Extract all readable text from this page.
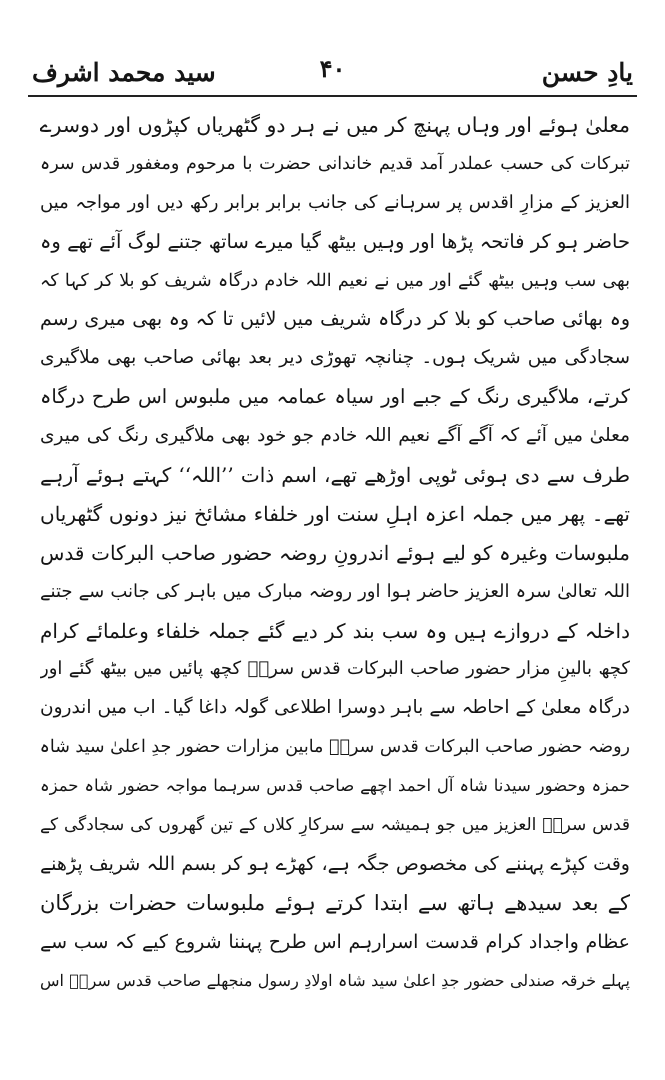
سید محمد اشرف	۴۰	یادِ حسن
معلیٰ ہوئے اور وہاں پہنچ کر میں نے ہر دو گٹھریاں کپڑوں اور دوسرے
تبرکات کی حسب عملدر آمد قدیم خاندانی حضرت با مرحوم ومغفور قدس سرہ
العزیز کے مزارِ اقدس پر سرہانے کی جانب برابر برابر رکھ دیں اور مواجہ میں
حاضر ہو کر فاتحہ پڑھا اور وہیں بیٹھ گیا میرے ساتھ جتنے لوگ آئے تھے وہ
بھی سب وہیں بیٹھ گئے اور میں نے نعیم اللہ خادم درگاہ شریف کو بلا کر کہا کہ
وہ بھائی صاحب کو بلا کر درگاہ شریف میں لائیں تا کہ وہ بھی میری رسم
سجادگی میں شریک ہوں۔ چنانچہ تھوڑی دیر بعد بھائی صاحب بھی ملاگیری
کرتے، ملاگیری رنگ کے جبے اور سیاہ عمامہ میں ملبوس اس طرح درگاہ
معلیٰ میں آئے کہ آگے آگے نعیم اللہ خادم جو خود بھی ملاگیری رنگ کی میری
طرف سے دی ہوئی ٹوپی اوڑھے تھے، اسم ذات ’’اللہ‘‘ کہتے ہوئے آرہے
تھے۔ پھر میں جملہ اعزہ اہلِ سنت اور خلفاء مشائخ نیز دونوں گٹھریاں
ملبوسات وغیرہ کو لیے ہوئے اندرونِ روضہ حضور صاحب البرکات قدس
اللہ تعالیٰ سرہ العزیز حاضر ہوا اور روضہ مبارک میں باہر کی جانب سے جتنے
داخلہ کے دروازے ہیں وہ سب بند کر دیے گئے جملہ خلفاء وعلمائے کرام
کچھ بالینِ مزار حضور صاحب البرکات قدس سرہٗ کچھ پائیں میں بیٹھ گئے اور
درگاہ معلیٰ کے احاطہ سے باہر دوسرا اطلاعی گولہ داغا گیا۔ اب میں اندرون
روضہ حضور صاحب البرکات قدس سرہٗ مابین مزارات حضور جدِ اعلیٰ سید شاہ
حمزہ وحضور سیدنا شاہ آل احمد اچھے صاحب قدس سرہما مواجہ حضور شاہ حمزہ
قدس سرہٗ العزیز میں جو ہمیشہ سے سرکارِ کلاں کے تین گھروں کی سجادگی کے
وقت کپڑے پہننے کی مخصوص جگہ ہے، کھڑے ہو کر بسم اللہ شریف پڑھنے
کے بعد سیدھے ہاتھ سے ابتدا کرتے ہوئے ملبوسات حضرات بزرگان
عظام واجداد کرام قدست اسرارہم اس طرح پہننا شروع کیے کہ سب سے
پہلے خرقہ صندلی حضور جدِ اعلیٰ سید شاہ اولادِ رسول منجھلے صاحب قدس سرہٗ اس
